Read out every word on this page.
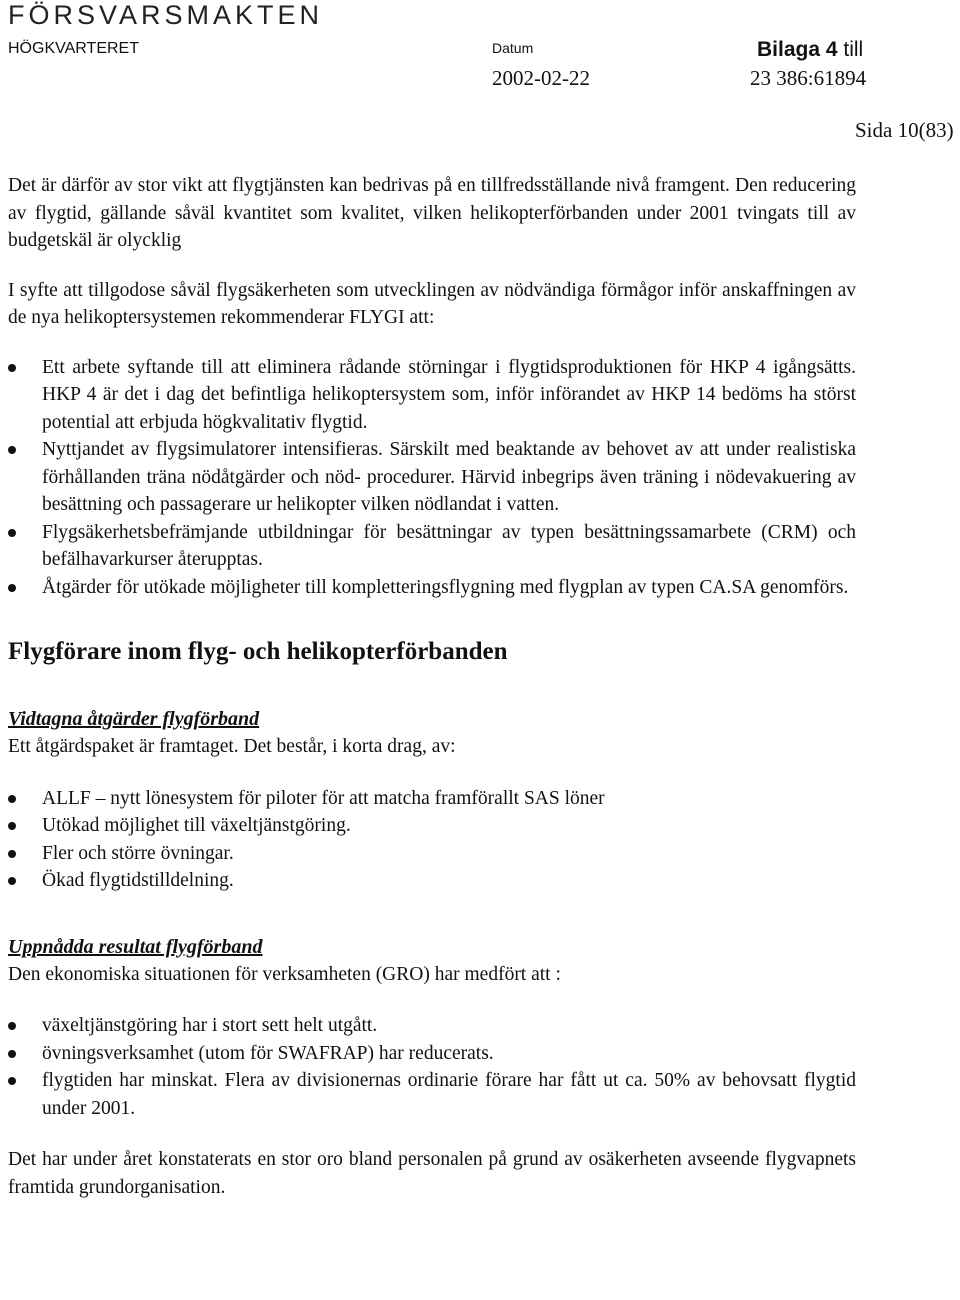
FÖRSVARSMAKTEN
HÖGKVARTERET	Datum	Bilaga 4 till
2002-02-22	23 386:61894
Sida 10(83)

Det är därför av stor vikt att flygtjänsten kan bedrivas på en tillfredsställande nivå framgent. Den reducering av flygtid, gällande såväl kvantitet som kvalitet, vilken helikopterförbanden under 2001 tvingats till av budgetskäl är olycklig

I syfte att tillgodose såväl flygsäkerheten som utvecklingen av nödvändiga förmågor inför anskaffningen av de nya helikoptersystemen rekommenderar FLYGI att:

Ett arbete syftande till att eliminera rådande störningar i flygtidsproduktionen för HKP 4 igångsätts. HKP 4 är det i dag det befintliga helikoptersystem som, inför införandet av HKP 14 bedöms ha störst potential att erbjuda högkvalitativ flygtid.
Nyttjandet av flygsimulatorer intensifieras. Särskilt med beaktande av behovet av att under realistiska förhållanden träna nödåtgärder och nöd- procedurer. Härvid inbegrips även träning i nödevakuering av besättning och passagerare ur helikopter vilken nödlandat i vatten.
Flygsäkerhetsbefrämjande utbildningar för besättningar av typen besättningssamarbete (CRM) och befälhavarkurser återupptas.
Åtgärder för utökade möjligheter till kompletteringsflygning med flygplan av typen CA.SA genomförs.
Flygförare inom flyg- och helikopterförbanden
Vidtagna åtgärder flygförband

Ett åtgärdspaket är framtaget. Det består, i korta drag, av:

ALLF – nytt lönesystem för piloter för att matcha framförallt SAS löner
Utökad möjlighet till växeltjänstgöring.
Fler och större övningar.
Ökad flygtidstilldelning.
Uppnådda resultat flygförband

Den ekonomiska situationen för verksamheten (GRO) har medfört att :

växeltjänstgöring har i stort sett helt utgått.
övningsverksamhet (utom för SWAFRAP) har reducerats.
flygtiden har minskat. Flera av divisionernas ordinarie förare har fått ut ca. 50% av behovsatt flygtid under 2001.

Det har under året konstaterats en stor oro bland personalen på grund av osäkerheten avseende flygvapnets framtida grundorganisation.
